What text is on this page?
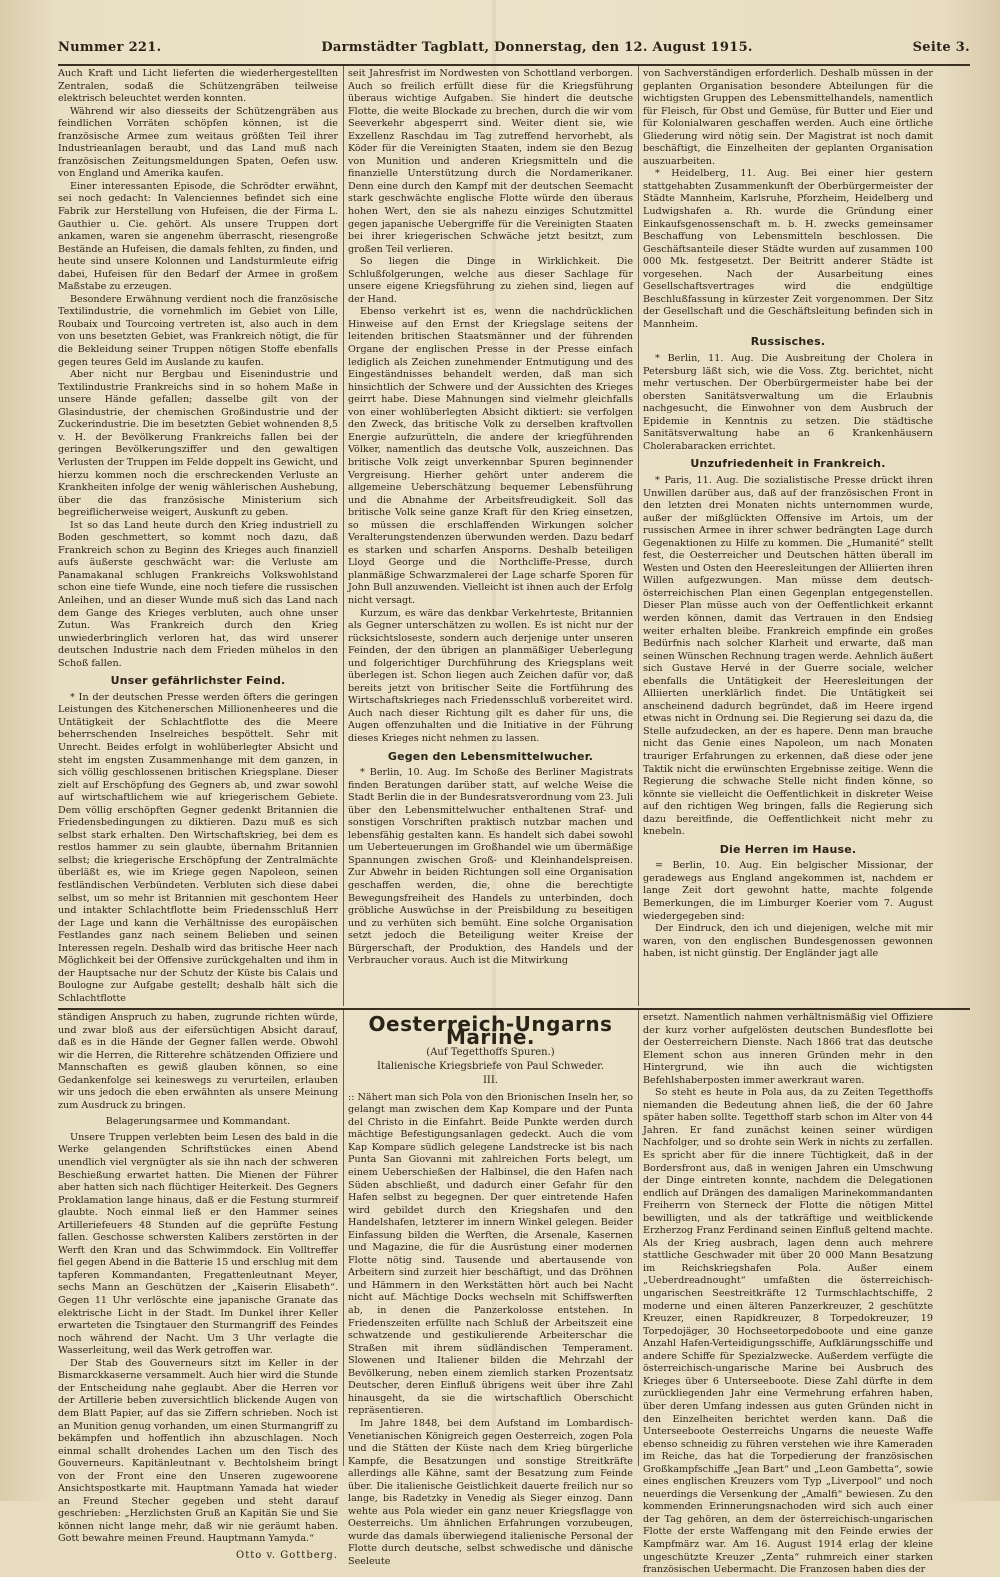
Nummer 221.	Darmstädter Tagblatt, Donnerstag, den 12. August 1915.	Seite 3.

Auch Kraft und Licht lieferten die wiederhergestellten Zentralen, sodaß die Schützengräben teilweise elektrisch beleuchtet werden konnten.

Während wir also diesseits der Schützengräben aus feindlichen Vorräten schöpfen können, ist die französische Armee zum weitaus größten Teil ihrer Industrieanlagen beraubt, und das Land muß nach französischen Zeitungsmeldungen Spaten, Oefen usw. von England und Amerika kaufen.

Einer interessanten Episode, die Schrödter erwähnt, sei noch gedacht: In Valenciennes befindet sich eine Fabrik zur Herstellung von Hufeisen, die der Firma L. Gauthier u. Cie. gehört. Als unsere Truppen dort ankamen, waren sie angenehm überrascht, riesengroße Bestände an Hufeisen, die damals fehlten, zu finden, und heute sind unsere Kolonnen und Landsturmleute eifrig dabei, Hufeisen für den Bedarf der Armee in großem Maßstabe zu erzeugen.

Besondere Erwähnung verdient noch die französische Textilindustrie, die vornehmlich im Gebiet von Lille, Roubaix und Tourcoing vertreten ist, also auch in dem von uns besetzten Gebiet, was Frankreich nötigt, die für die Bekleidung seiner Truppen nötigen Stoffe ebenfalls gegen teures Geld im Auslande zu kaufen.

Aber nicht nur Bergbau und Eisenindustrie und Textilindustrie Frankreichs sind in so hohem Maße in unsere Hände gefallen; dasselbe gilt von der Glasindustrie, der chemischen Großindustrie und der Zuckerindustrie. Die im besetzten Gebiet wohnenden 8,5 v. H. der Bevölkerung Frankreichs fallen bei der geringen Bevölkerungsziffer und den gewaltigen Verlusten der Truppen im Felde doppelt ins Gewicht, und hierzu kommen noch die erschreckenden Verluste an Krankheiten infolge der wenig wählerischen Aushebung, über die das französische Ministerium sich begreiflicherweise weigert, Auskunft zu geben.

Ist so das Land heute durch den Krieg industriell zu Boden geschmettert, so kommt noch dazu, daß Frankreich schon zu Beginn des Krieges auch finanziell aufs äußerste geschwächt war: die Verluste am Panamakanal schlugen Frankreichs Volkswohlstand schon eine tiefe Wunde, eine noch tiefere die russischen Anleihen, und an dieser Wunde muß sich das Land nach dem Gange des Krieges verbluten, auch ohne unser Zutun. Was Frankreich durch den Krieg unwiederbringlich verloren hat, das wird unserer deutschen Industrie nach dem Frieden mühelos in den Schoß fallen.

Unser gefährlichster Feind.

* In der deutschen Presse werden öfters die geringen Leistungen des Kitchenerschen Millionenheeres und die Untätigkeit der Schlachtflotte des die Meere beherrschenden Inselreiches bespöttelt. Sehr mit Unrecht. Beides erfolgt in wohlüberlegter Absicht und steht im engsten Zusammenhange mit dem ganzen, in sich völlig geschlossenen britischen Kriegsplane. Dieser zielt auf Erschöpfung des Gegners ab, und zwar sowohl auf wirtschaftlichem wie auf kriegerischem Gebiete. Dem völlig erschöpften Gegner gedenkt Britannien die Friedensbedingungen zu diktieren. Dazu muß es sich selbst stark erhalten. Den Wirtschaftskrieg, bei dem es restlos hammer zu sein glaubte, übernahm Britannien selbst; die kriegerische Erschöpfung der Zentralmächte überläßt es, wie im Kriege gegen Napoleon, seinen festländischen Verbündeten. Verbluten sich diese dabei selbst, um so mehr ist Britannien mit geschontem Heer und intakter Schlachtflotte beim Friedensschluß Herr der Lage und kann die Verhältnisse des europäischen Festlandes ganz nach seinem Belieben und seinen Interessen regeln. Deshalb wird das britische Heer nach Möglichkeit bei der Offensive zurückgehalten und ihm in der Hauptsache nur der Schutz der Küste bis Calais und Boulogne zur Aufgabe gestellt; deshalb hält sich die Schlachtflotte

seit Jahresfrist im Nordwesten von Schottland verborgen. Auch so freilich erfüllt diese für die Kriegsführung überaus wichtige Aufgaben. Sie hindert die deutsche Flotte, die weite Blockade zu brechen, durch die wir vom Seeverkehr abgesperrt sind. Weiter dient sie, wie Exzellenz Raschdau im Tag zutreffend hervorhebt, als Köder für die Vereinigten Staaten, indem sie den Bezug von Munition und anderen Kriegsmitteln und die finanzielle Unterstützung durch die Nordamerikaner. Denn eine durch den Kampf mit der deutschen Seemacht stark geschwächte englische Flotte würde den überaus hohen Wert, den sie als nahezu einziges Schutzmittel gegen japanische Uebergriffe für die Vereinigten Staaten bei ihrer kriegerischen Schwäche jetzt besitzt, zum großen Teil verlieren.

So liegen die Dinge in Wirklichkeit. Die Schlußfolgerungen, welche aus dieser Sachlage für unsere eigene Kriegsführung zu ziehen sind, liegen auf der Hand.

Ebenso verkehrt ist es, wenn die nachdrücklichen Hinweise auf den Ernst der Kriegslage seitens der leitenden britischen Staatsmänner und der führenden Organe der englischen Presse in der Presse einfach lediglich als Zeichen zunehmender Entmutigung und des Eingeständnisses behandelt werden, daß man sich hinsichtlich der Schwere und der Aussichten des Krieges geirrt habe. Diese Mahnungen sind vielmehr gleichfalls von einer wohlüberlegten Absicht diktiert: sie verfolgen den Zweck, das britische Volk zu derselben kraftvollen Energie aufzurütteln, die andere der kriegführenden Völker, namentlich das deutsche Volk, auszeichnen. Das britische Volk zeigt unverkennbar Spuren beginnender Vergreisung. Hierher gehört unter anderem die allgemeine Ueberschätzung bequemer Lebensführung und die Abnahme der Arbeitsfreudigkeit. Soll das britische Volk seine ganze Kraft für den Krieg einsetzen, so müssen die erschlaffenden Wirkungen solcher Veralterungstendenzen überwunden werden. Dazu bedarf es starken und scharfen Ansporns. Deshalb beteiligen Lloyd George und die Northcliffe-Presse, durch planmäßige Schwarzmalerei der Lage scharfe Sporen für John Bull anzuwenden. Vielleicht ist ihnen auch der Erfolg nicht versagt.

Kurzum, es wäre das denkbar Verkehrteste, Britannien als Gegner unterschätzen zu wollen. Es ist nicht nur der rücksichtsloseste, sondern auch derjenige unter unseren Feinden, der den übrigen an planmäßiger Ueberlegung und folgerichtiger Durchführung des Kriegsplans weit überlegen ist. Schon liegen auch Zeichen dafür vor, daß bereits jetzt von britischer Seite die Fortführung des Wirtschaftskrieges nach Friedensschluß vorbereitet wird. Auch nach dieser Richtung gilt es daher für uns, die Augen offenzuhalten und die Initiative in der Führung dieses Krieges nicht nehmen zu lassen.

Gegen den Lebensmittelwucher.

* Berlin, 10. Aug. Im Schoße des Berliner Magistrats finden Beratungen darüber statt, auf welche Weise die Stadt Berlin die in der Bundesratsverordnung vom 23. Juli über den Lebensmittelwucher enthaltenen Straf- und sonstigen Vorschriften praktisch nutzbar machen und lebensfähig gestalten kann. Es handelt sich dabei sowohl um Ueberteuerungen im Großhandel wie um übermäßige Spannungen zwischen Groß- und Kleinhandelspreisen. Zur Abwehr in beiden Richtungen soll eine Organisation geschaffen werden, die, ohne die berechtigte Bewegungsfreiheit des Handels zu unterbinden, doch gröbliche Auswüchse in der Preisbildung zu beseitigen und zu verhüten sich bemüht. Eine solche Organisation setzt jedoch die Beteiligung weiter Kreise der Bürgerschaft, der Produktion, des Handels und der Verbraucher voraus. Auch ist die Mitwirkung

von Sachverständigen erforderlich. Deshalb müssen in der geplanten Organisation besondere Abteilungen für die wichtigsten Gruppen des Lebensmittelhandels, namentlich für Fleisch, für Obst und Gemüse, für Butter und Eier und für Kolonialwaren geschaffen werden. Auch eine örtliche Gliederung wird nötig sein. Der Magistrat ist noch damit beschäftigt, die Einzelheiten der geplanten Organisation auszuarbeiten.

* Heidelberg, 11. Aug. Bei einer hier gestern stattgehabten Zusammenkunft der Oberbürgermeister der Städte Mannheim, Karlsruhe, Pforzheim, Heidelberg und Ludwigshafen a. Rh. wurde die Gründung einer Einkaufsgenossenschaft m. b. H. zwecks gemeinsamer Beschaffung von Lebensmitteln beschlossen. Die Geschäftsanteile dieser Städte wurden auf zusammen 100 000 Mk. festgesetzt. Der Beitritt anderer Städte ist vorgesehen. Nach der Ausarbeitung eines Gesellschaftsvertrages wird die endgültige Beschlußfassung in kürzester Zeit vorgenommen. Der Sitz der Gesellschaft und die Geschäftsleitung befinden sich in Mannheim.

Russisches.

* Berlin, 11. Aug. Die Ausbreitung der Cholera in Petersburg läßt sich, wie die Voss. Ztg. berichtet, nicht mehr vertuschen. Der Oberbürgermeister habe bei der obersten Sanitätsverwaltung um die Erlaubnis nachgesucht, die Einwohner von dem Ausbruch der Epidemie in Kenntnis zu setzen. Die städtische Sanitätsverwaltung habe an 6 Krankenhäusern Cholerabaracken errichtet.

Unzufriedenheit in Frankreich.

* Paris, 11. Aug. Die sozialistische Presse drückt ihren Unwillen darüber aus, daß auf der französischen Front in den letzten drei Monaten nichts unternommen wurde, außer der mißglückten Offensive im Artois, um der russischen Armee in ihrer schwer bedrängten Lage durch Gegenaktionen zu Hilfe zu kommen. Die „Humanité“ stellt fest, die Oesterreicher und Deutschen hätten überall im Westen und Osten den Heeresleitungen der Alliierten ihren Willen aufgezwungen. Man müsse dem deutsch-österreichischen Plan einen Gegenplan entgegenstellen. Dieser Plan müsse auch von der Oeffentlichkeit erkannt werden können, damit das Vertrauen in den Endsieg weiter erhalten bleibe. Frankreich empfinde ein großes Bedürfnis nach solcher Klarheit und erwarte, daß man seinen Wünschen Rechnung tragen werde. Aehnlich äußert sich Gustave Hervé in der Guerre sociale, welcher ebenfalls die Untätigkeit der Heeresleitungen der Alliierten unerklärlich findet. Die Untätigkeit sei anscheinend dadurch begründet, daß im Heere irgend etwas nicht in Ordnung sei. Die Regierung sei dazu da, die Stelle aufzudecken, an der es hapere. Denn man brauche nicht das Genie eines Napoleon, um nach Monaten trauriger Erfahrungen zu erkennen, daß diese oder jene Taktik nicht die erwünschten Ergebnisse zeitige. Wenn die Regierung die schwache Stelle nicht finden könne, so könnte sie vielleicht die Oeffentlichkeit in diskreter Weise auf den richtigen Weg bringen, falls die Regierung sich dazu bereitfinde, die Oeffentlichkeit nicht mehr zu knebeln.

Die Herren im Hause.

= Berlin, 10. Aug. Ein belgischer Missionar, der geradewegs aus England angekommen ist, nachdem er lange Zeit dort gewohnt hatte, machte folgende Bemerkungen, die im Limburger Koerier vom 7. August wiedergegeben sind:

Der Eindruck, den ich und diejenigen, welche mit mir waren, von den englischen Bundesgenossen gewonnen haben, ist nicht günstig. Der Engländer jagt alle

ständigen Anspruch zu haben, zugrunde richten würde, und zwar bloß aus der eifersüchtigen Absicht darauf, daß es in die Hände der Gegner fallen werde. Obwohl wir die Herren, die Ritterehre schätzenden Offiziere und Mannschaften es gewiß glauben können, so eine Gedankenfolge sei keineswegs zu verurteilen, erlauben wir uns jedoch die eben erwähnten als unsere Meinung zum Ausdruck zu bringen.

Belagerungsarmee und Kommandant.

Unsere Truppen verlebten beim Lesen des bald in die Werke gelangenden Schriftstückes einen Abend unendlich viel vergnügter als sie ihn nach der schweren Beschießung erwartet hatten. Die Mienen der Führer aber hatten sich nach flüchtiger Heiterkeit. Des Gegners Proklamation lange hinaus, daß er die Festung sturmreif glaubte. Noch einmal ließ er den Hammer seines Artilleriefeuers 48 Stunden auf die geprüfte Festung fallen. Geschosse schwersten Kalibers zerstörten in der Werft den Kran und das Schwimmdock. Ein Volltreffer fiel gegen Abend in die Batterie 15 und erschlug mit dem tapferen Kommandanten, Fregattenleutnant Meyer, sechs Mann an Geschützen der „Kaiserin Elisabeth“. Gegen 11 Uhr verlöschte eine japanische Granate das elektrische Licht in der Stadt. Im Dunkel ihrer Keller erwarteten die Tsingtauer den Sturmangriff des Feindes noch während der Nacht. Um 3 Uhr verlagte die Wasserleitung, weil das Werk getroffen war.

Der Stab des Gouverneurs sitzt im Keller in der Bismarckkaserne versammelt. Auch hier wird die Stunde der Entscheidung nahe geglaubt. Aber die Herren vor der Artillerie beben zuversichtlich blickende Augen von dem Blatt Papier, auf das sie Ziffern schrieben. Noch ist an Munition genug vorhanden, um einen Sturmangriff zu bekämpfen und hoffentlich ihn abzuschlagen. Noch einmal schallt drohendes Lachen um den Tisch des Gouverneurs. Kapitänleutnant v. Bechtolsheim bringt von der Front eine den Unseren zugewoorene Ansichtspostkarte mit. Hauptmann Yamada hat wieder an Freund Stecher gegeben und steht darauf geschrieben: „Herzlichsten Gruß an Kapitän Sie und Sie können nicht lange mehr, daß wir nie geräumt haben. Gott bewahre meinen Freund. Hauptmann Yamyda.“

Otto v. Gottberg.
Oesterreich-Ungarns Marine.
(Auf Tegetthoffs Spuren.)
Italienische Kriegsbriefe von Paul Schweder.
III.

:: Nähert man sich Pola von den Brionischen Inseln her, so gelangt man zwischen dem Kap Kompare und der Punta del Christo in die Einfahrt. Beide Punkte werden durch mächtige Befestigungsanlagen gedeckt. Auch die vom Kap Kompare südlich gelegene Landstrecke ist bis nach Punta San Giovanni mit zahlreichen Forts belegt, um einem Ueberschießen der Halbinsel, die den Hafen nach Süden abschließt, und dadurch einer Gefahr für den Hafen selbst zu begegnen. Der quer eintretende Hafen wird gebildet durch den Kriegshafen und den Handelshafen, letzterer im innern Winkel gelegen. Beider Einfassung bilden die Werften, die Arsenale, Kasernen und Magazine, die für die Ausrüstung einer modernen Flotte nötig sind. Tausende und abertausende von Arbeitern sind zurzeit hier beschäftigt, und das Dröhnen und Hämmern in den Werkstätten hört auch bei Nacht nicht auf. Mächtige Docks wechseln mit Schiffswerften ab, in denen die Panzerkolosse entstehen. In Friedenszeiten erfüllte nach Schluß der Arbeitszeit eine schwatzende und gestikulierende Arbeiterschar die Straßen mit ihrem südländischen Temperament. Slowenen und Italiener bilden die Mehrzahl der Bevölkerung, neben einem ziemlich starken Prozentsatz Deutscher, deren Einfluß übrigens weit über ihre Zahl hinausgeht, da sie die wirtschaftlich Oberschicht repräsentieren.

Im Jahre 1848, bei dem Aufstand im Lombardisch-Venetianischen Königreich gegen Oesterreich, zogen Pola und die Stätten der Küste nach dem Krieg bürgerliche Kampfe, die Besatzungen und sonstige Streitkräfte allerdings alle Kähne, samt der Besatzung zum Feinde über. Die italienische Geistlichkeit dauerte freilich nur so lange, bis Radetzky in Venedig als Sieger einzog. Dann wehte aus Pola wieder ein ganz neuer Kriegsflagge von Oesterreichs. Um ähnlichen Erfahrungen vorzubeugen, wurde das damals überwiegend italienische Personal der Flotte durch deutsche, selbst schwedische und dänische Seeleute

ersetzt. Namentlich nahmen verhältnismäßig viel Offiziere der kurz vorher aufgelösten deutschen Bundesflotte bei der Oesterreichern Dienste. Nach 1866 trat das deutsche Element schon aus inneren Gründen mehr in den Hintergrund, wie ihn auch die wichtigsten Befehlshaberposten immer awerkraut waren.

So steht es heute in Pola aus, da zu Zeiten Tegetthoffs niemanden die Bedeutung ahnen ließ, die der 60 Jahre später haben sollte. Tegetthoff starb schon im Alter von 44 Jahren. Er fand zunächst keinen seiner würdigen Nachfolger, und so drohte sein Werk in nichts zu zerfallen. Es spricht aber für die innere Tüchtigkeit, daß in der Bordersfront aus, daß in wenigen Jahren ein Umschwung der Dinge eintreten konnte, nachdem die Delegationen endlich auf Drängen des damaligen Marinekommandanten Freiherrn von Sterneck der Flotte die nötigen Mittel bewilligten, und als der tatkräftige und weitblickende Erzherzog Franz Ferdinand seinen Einfluß geltend machte. Als der Krieg ausbrach, lagen denn auch mehrere stattliche Geschwader mit über 20 000 Mann Besatzung im Reichskriegshafen Pola. Außer einem „Ueberdreadnought“ umfaßten die österreichisch-ungarischen Seestreitkräfte 12 Turmschlachtschiffe, 2 moderne und einen älteren Panzerkreuzer, 2 geschützte Kreuzer, einen Rapidkreuzer, 8 Torpedokreuzer, 19 Torpedojäger, 30 Hochseetorpedoboote und eine ganze Anzahl Hafen-Verteidigungsschiffe, Aufklärungsschiffe und andere Schiffe für Spezialzwecke. Außerdem verfügte die österreichisch-ungarische Marine bei Ausbruch des Krieges über 6 Unterseeboote. Diese Zahl dürfte in dem zurückliegenden Jahr eine Vermehrung erfahren haben, über deren Umfang indessen aus guten Gründen nicht in den Einzelheiten berichtet werden kann. Daß die Unterseeboote Oesterreichs Ungarns die neueste Waffe ebenso schneidig zu führen verstehen wie ihre Kameraden im Reiche, das hat die Torpedierung der französischen Großkampfschiffe „Jean Bart“ und „Leon Gambetta“, sowie eines englischen Kreuzers vom Typ „Liverpool“ und noch neuerdings die Versenkung der „Amalfi“ bewiesen. Zu den kommenden Erinnerungsnachoden wird sich auch einer der Tag gehören, an dem der österreichisch-ungarischen Flotte der erste Waffengang mit den Feinde erwies der Kampfmärz war. Am 16. August 1914 erlag der kleine ungeschützte Kreuzer „Zenta“ ruhmreich einer starken französischen Uebermacht. Die Franzosen haben dies der
